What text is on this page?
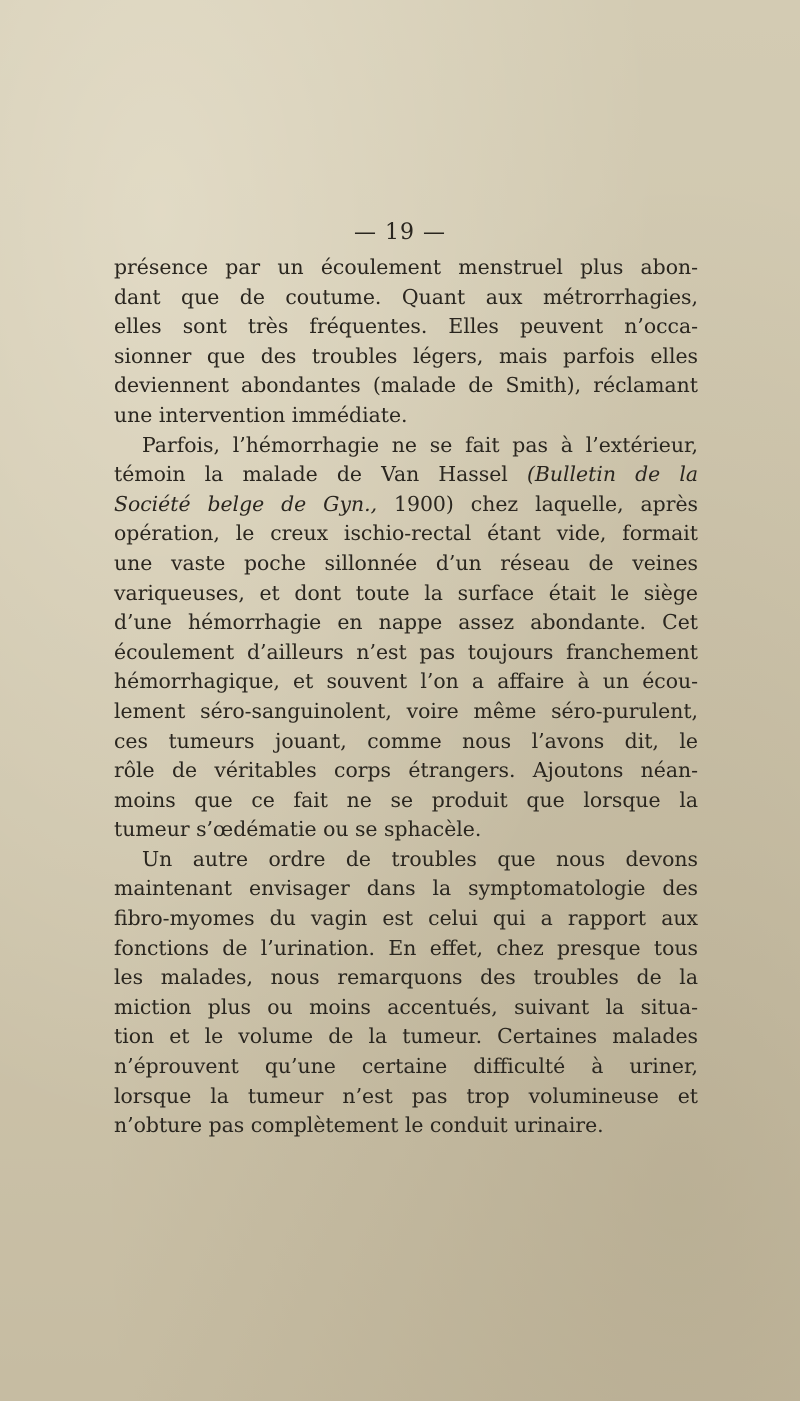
— 19 —
présence par un écoulement menstruel plus abon-
dant que de coutume. Quant aux métrorrhagies,
elles sont très fréquentes. Elles peuvent n’occa-
sionner que des troubles légers, mais parfois elles
deviennent abondantes (malade de Smith), réclamant
une intervention immédiate.
Parfois, l’hémorrhagie ne se fait pas à l’extérieur,
témoin la malade de Van Hassel (Bulletin de la
Société belge de Gyn., 1900) chez laquelle, après
opération, le creux ischio-rectal étant vide, formait
une vaste poche sillonnée d’un réseau de veines
variqueuses, et dont toute la surface était le siège
d’une hémorrhagie en nappe assez abondante. Cet
écoulement d’ailleurs n’est pas toujours franchement
hémorrhagique, et souvent l’on a affaire à un écou-
lement séro-sanguinolent, voire même séro-purulent,
ces tumeurs jouant, comme nous l’avons dit, le
rôle de véritables corps étrangers. Ajoutons néan-
moins que ce fait ne se produit que lorsque la
tumeur s’œdématie ou se sphacèle.
Un autre ordre de troubles que nous devons
maintenant envisager dans la symptomatologie des
fibro-myomes du vagin est celui qui a rapport aux
fonctions de l’urination. En effet, chez presque tous
les malades, nous remarquons des troubles de la
miction plus ou moins accentués, suivant la situa-
tion et le volume de la tumeur. Certaines malades
n’éprouvent qu’une certaine difficulté à uriner,
lorsque la tumeur n’est pas trop volumineuse et
n’obture pas complètement le conduit urinaire.
